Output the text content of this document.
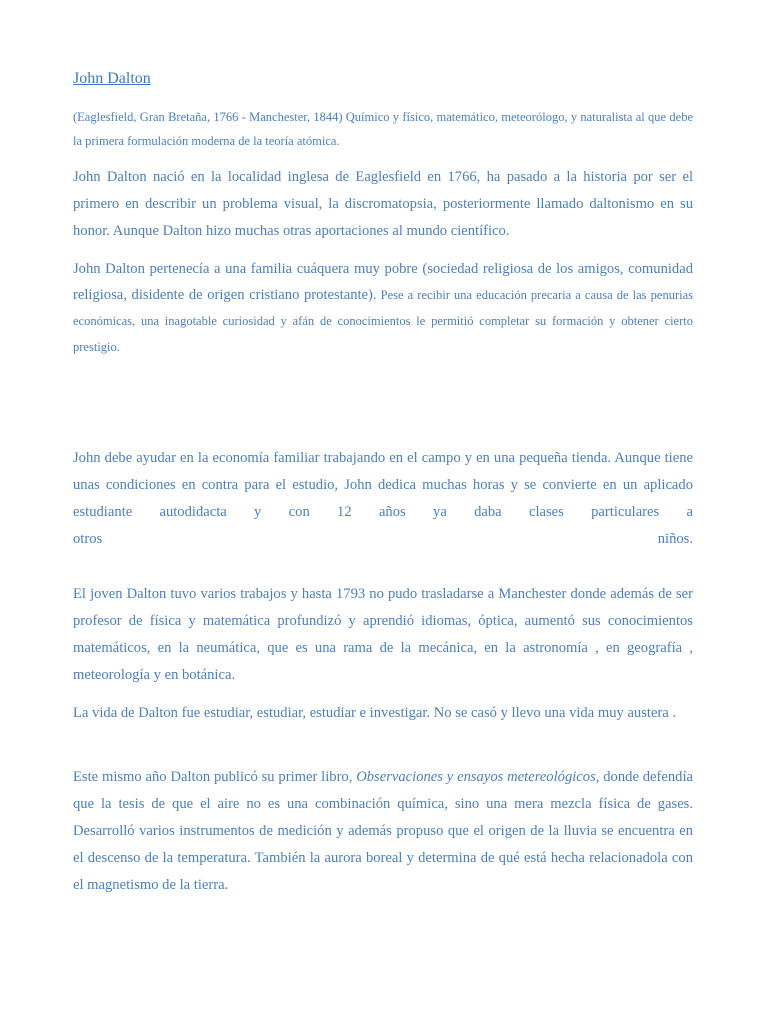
John Dalton

(Eaglesfield, Gran Bretaña, 1766 - Manchester, 1844) Químico y físico, matemático, meteorólogo, y naturalista al que debe la primera formulación moderna de la teoría atómica.

John Dalton nació en la localidad inglesa de Eaglesfield en 1766, ha pasado a la historia por ser el primero en describir un problema visual, la discromatopsia, posteriormente llamado daltonismo en su honor. Aunque Dalton hizo muchas otras aportaciones al mundo científico.

John Dalton pertenecía a una familia cuáquera muy pobre (sociedad religiosa de los amigos, comunidad religiosa, disidente de origen cristiano protestante). Pese a recibir una educación precaria a causa de las penurias económicas, una inagotable curiosidad y afán de conocimientos le permitió completar su formación y obtener cierto prestigio.

John debe ayudar en la economía familiar trabajando en el campo y en una pequeña tienda. Aunque tiene unas condiciones en contra para el estudio, John dedica muchas horas y se convierte en un aplicado estudiante autodidacta y con 12 años ya daba clases particulares a
otros	niños.

El joven Dalton tuvo varios trabajos y hasta 1793 no pudo trasladarse a Manchester donde además de ser profesor de física y matemática profundizó y aprendió idiomas, óptica, aumentó sus conocimientos matemáticos, en la neumática, que es una rama de la mecánica, en la astronomía , en geografía , meteorología y en botánica.

La vida de Dalton fue estudiar, estudiar, estudiar e investigar. No se casó y llevo una vida muy austera .

Este mismo año Dalton publicó su primer libro, Observaciones y ensayos metereológicos, donde defendía que la tesis de que el aire no es una combinación química, sino una mera mezcla física de gases. Desarrolló varios instrumentos de medición y además propuso que el origen de la lluvia se encuentra en el descenso de la temperatura. También la aurora boreal y determina de qué está hecha relacionadola con el magnetismo de la tierra.
